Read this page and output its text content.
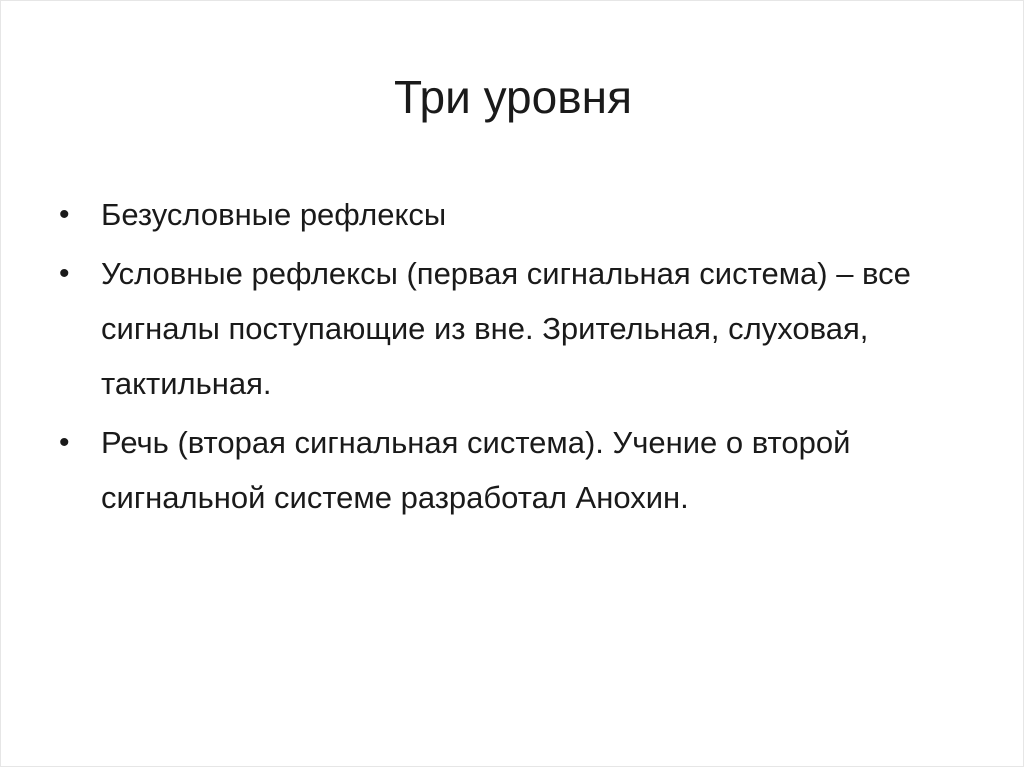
Три уровня
•	Безусловные рефлексы
•	Условные рефлексы (первая сигнальная система) – все сигналы поступающие из вне. Зрительная, слуховая, тактильная.
•	Речь (вторая сигнальная система). Учение о второй сигнальной системе разработал Анохин.
